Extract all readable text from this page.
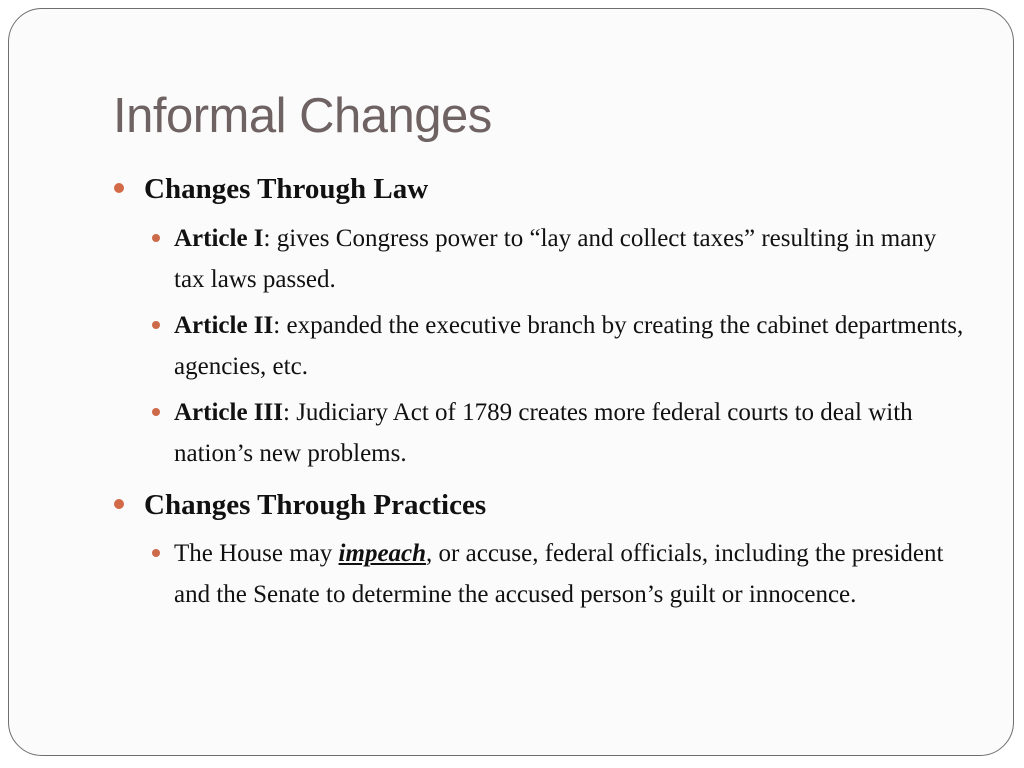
Informal Changes
Changes Through Law
Article I: gives Congress power to “lay and collect taxes” resulting in many tax laws passed.
Article II: expanded the executive branch by creating the cabinet departments, agencies, etc.
Article III: Judiciary Act of 1789 creates more federal courts to deal with nation’s new problems.
Changes Through Practices
The House may impeach, or accuse, federal officials, including the president and the Senate to determine the accused person’s guilt or innocence.
